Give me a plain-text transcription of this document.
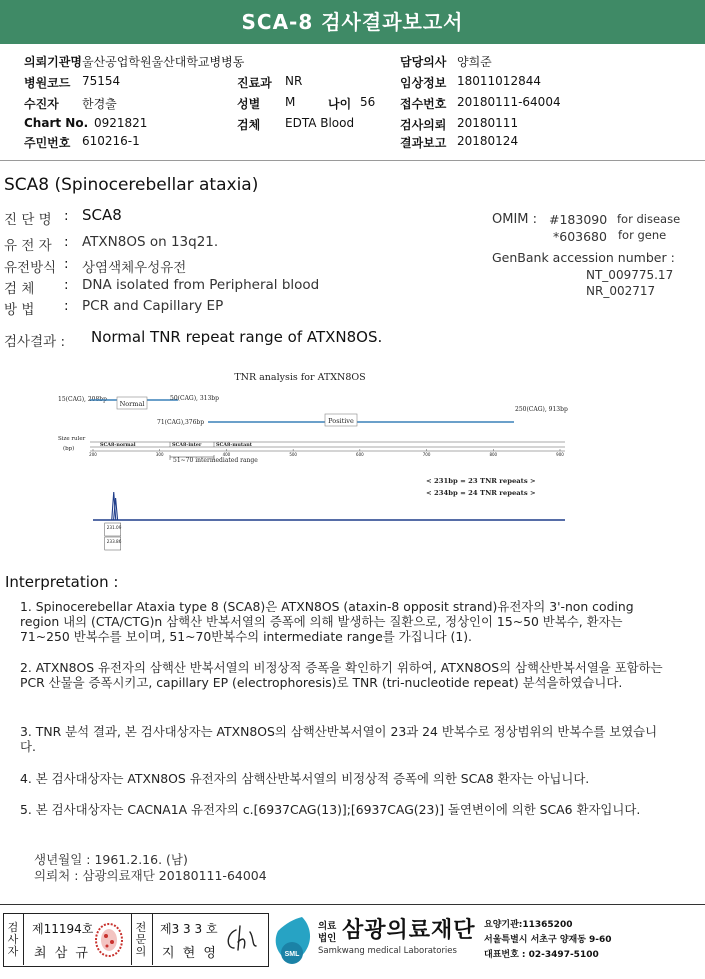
SCA-8 검사결과보고서
의뢰기관명 울산공업학원울산대학교병병동	담당의사 양희준
병원코드 75154	진료과 NR	임상정보 18011012844
수진자 한경출	성별 M	나이 56 접수번호 20180111-64004
Chart No. 0921821	검체 EDTA Blood	검사의뢰 20180111
주민번호 610216-1	결과보고 20180124
SCA8 (Spinocerebellar ataxia)
진 단 명 : SCA8
유 전 자 : ATXN8OS on 13q21.
유전방식 : 상염색체우성유전
검 체 : DNA isolated from Peripheral blood
방 법 : PCR and Capillary EP
OMIM : #183090 for disease
*603680 for gene
GenBank accession number :
NT_009775.17
NR_002717
검사결과 : Normal TNR repeat range of ATXN8OS.
TNR analysis for ATXN8OS
15(CAG), 208bp
Normal
50(CAG), 313bp
71(CAG),376bp	Positive
250(CAG), 913bp
Size ruler
(bp)
SCA8-normal	SCA8-inter	SCA8-mutant
200	300	400	500	600	700	800	900
51~70 intermediated range
< 231bp = 23 TNR repeats >
< 234bp = 24 TNR repeats >
231.09
233.86
Interpretation :
1. Spinocerebellar Ataxia type 8 (SCA8)은 ATXN8OS (ataxin-8 opposit strand)유전자의 3'-non coding region 내의 (CTA/CTG)n 삼핵산 반복서열의 증폭에 의해 발생하는 질환으로, 정상인이 15~50 반복수, 환자는 71~250 반복수를 보이며, 51~70반복수의 intermediate range를 가집니다 (1).
2. ATXN8OS 유전자의 삼핵산 반복서열의 비정상적 증폭을 확인하기 위하여, ATXN8OS의 삼핵산반복서열을 포함하는 PCR 산물을 증폭시키고, capillary EP (electrophoresis)로 TNR (tri-nucleotide repeat) 분석을하였습니다.
3. TNR 분석 결과, 본 검사대상자는 ATXN8OS의 삼핵산반복서열이 23과 24 반복수로 정상범위의 반복수를 보였습니다.
4. 본 검사대상자는 ATXN8OS 유전자의 삼핵산반복서열의 비정상적 증폭에 의한 SCA8 환자는 아닙니다.
5. 본 검사대상자는 CACNA1A 유전자의 c.[6937CAG(13)];[6937CAG(23)] 돌연변이에 의한 SCA6 환자입니다.
생년월일 : 1961.2.16. (남)
의뢰처 : 삼광의료재단 20180111-64004
검사자
제11194호
최 삼 규
전문의
제3 3 3 호
지 현 영	SML
의료
법인 삼광의료재단
Samkwang medical Laboratories
요양기관:11365200
서울특별시 서초구 양재동 9-60
대표번호 : 02-3497-5100
